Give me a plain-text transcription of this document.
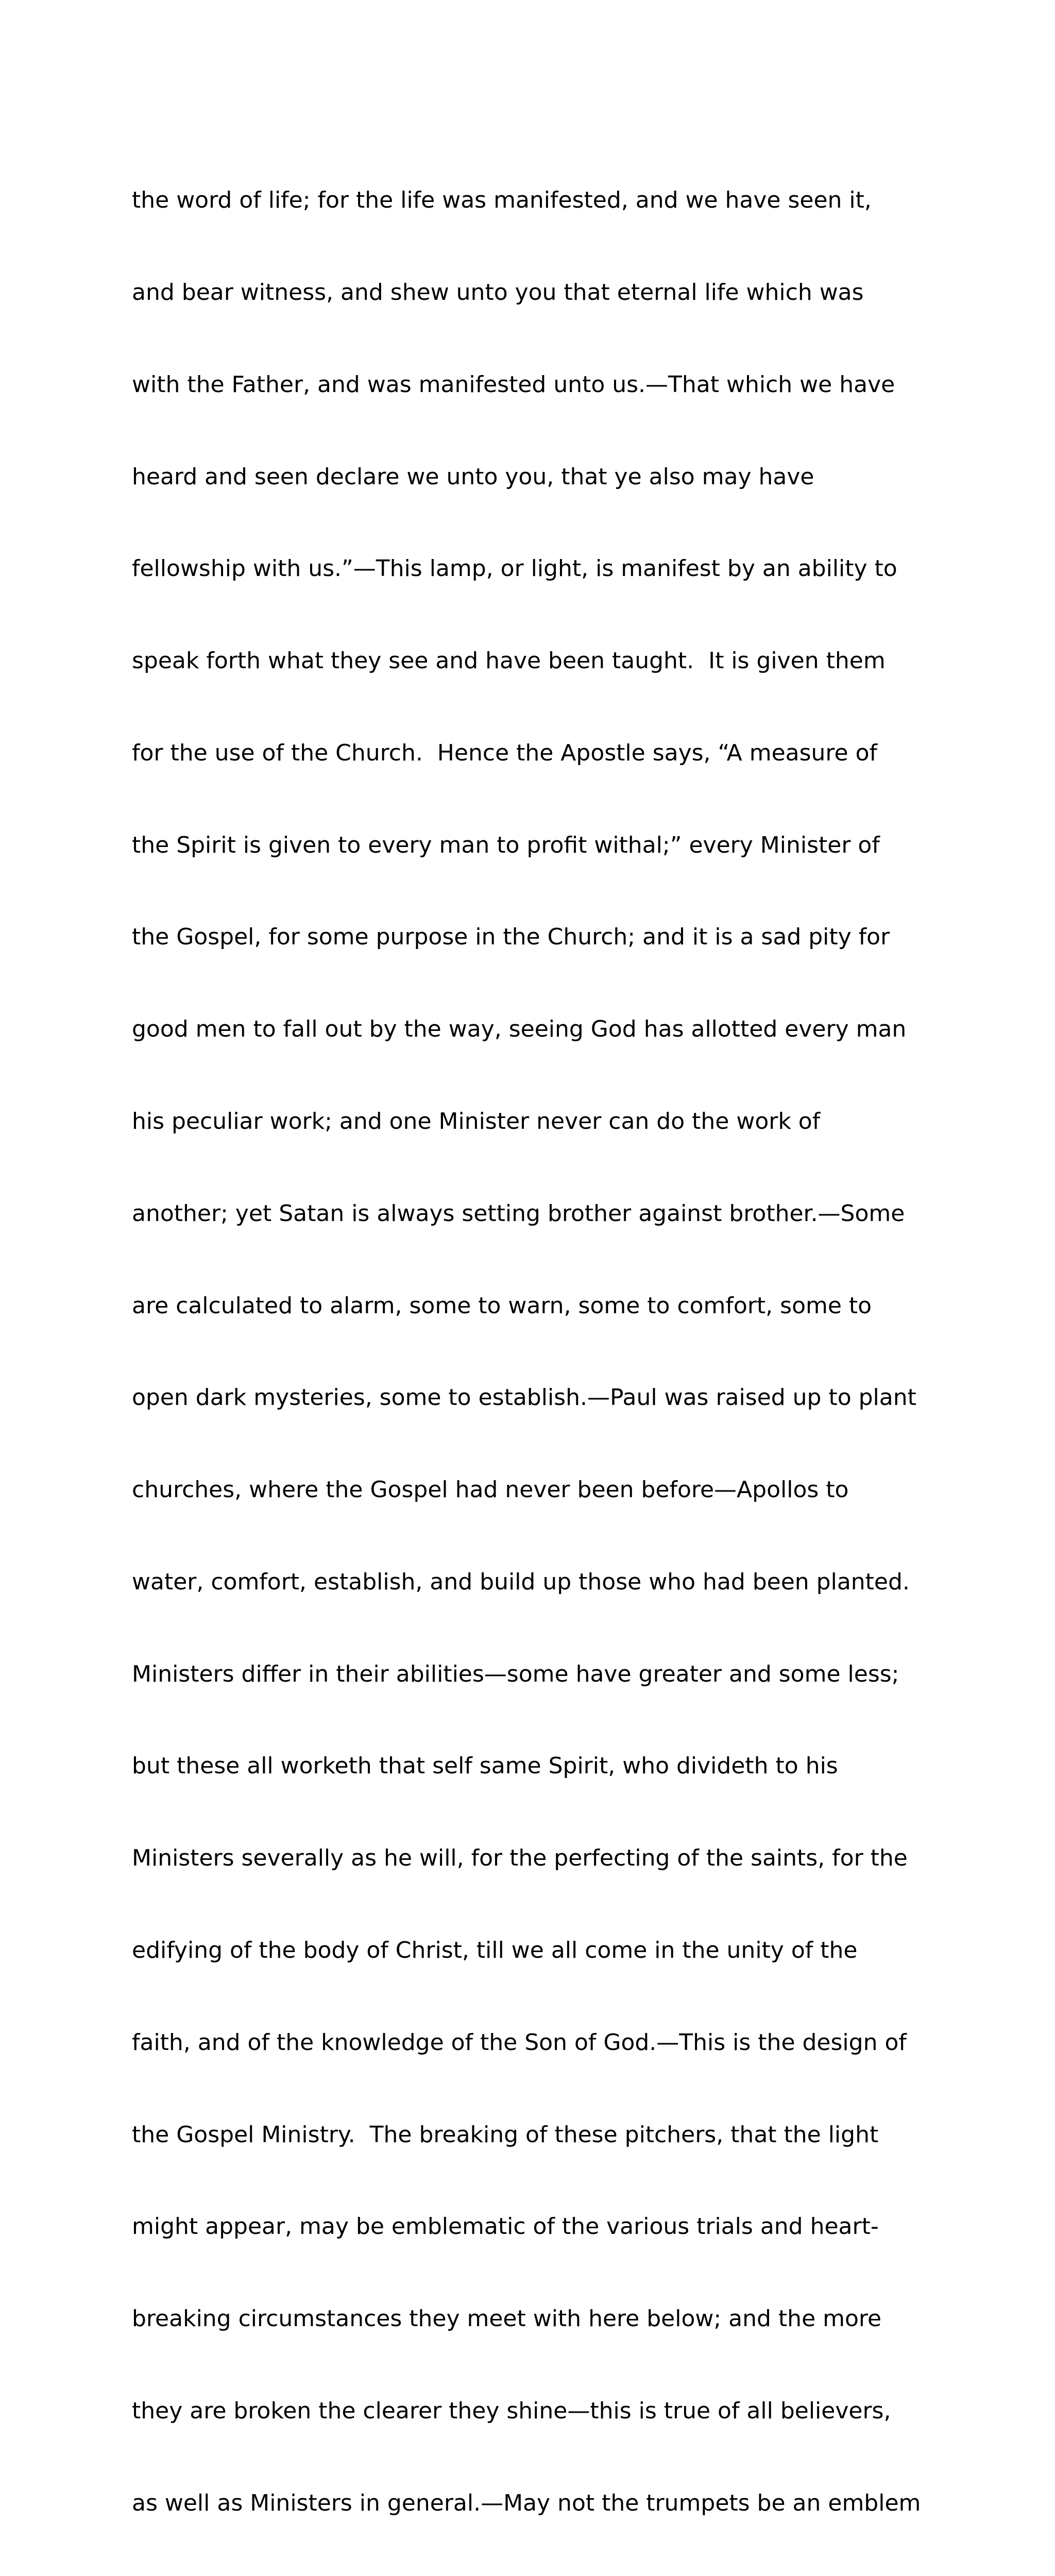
the word of life; for the life was manifested, and we have seen it,

and bear witness, and shew unto you that eternal life which was

with the Father, and was manifested unto us.—That which we have

heard and seen declare we unto you, that ye also may have

fellowship with us.”—This lamp, or light, is manifest by an ability to

speak forth what they see and have been taught.  It is given them

for the use of the Church.  Hence the Apostle says, “A measure of

the Spirit is given to every man to profit withal;” every Minister of

the Gospel, for some purpose in the Church; and it is a sad pity for

good men to fall out by the way, seeing God has allotted every man

his peculiar work; and one Minister never can do the work of

another; yet Satan is always setting brother against brother.—Some

are calculated to alarm, some to warn, some to comfort, some to

open dark mysteries, some to establish.—Paul was raised up to plant

churches, where the Gospel had never been before—Apollos to

water, comfort, establish, and build up those who had been planted.

Ministers differ in their abilities—some have greater and some less;

but these all worketh that self same Spirit, who divideth to his

Ministers severally as he will, for the perfecting of the saints, for the

edifying of the body of Christ, till we all come in the unity of the

faith, and of the knowledge of the Son of God.—This is the design of

the Gospel Ministry.  The breaking of these pitchers, that the light

might appear, may be emblematic of the various trials and heart-

breaking circumstances they meet with here below; and the more

they are broken the clearer they shine—this is true of all believers,

as well as Ministers in general.—May not the trumpets be an emblem
